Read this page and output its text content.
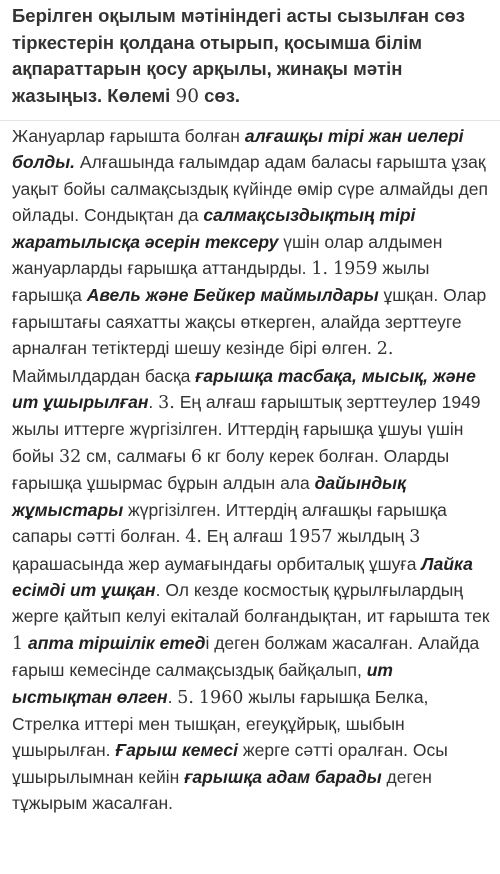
Берілген оқылым мәтініндегі асты сызылған сөз тіркестерін қолдана отырып, қосымша білім ақпараттарын қосу арқылы, жинақы мәтін жазыңыз. Көлемі 90 сөз.
Жануарлар ғарышта болған алғашқы тірі жан иелері болды. Алғашында ғалымдар адам баласы ғарышта ұзақ уақыт бойы салмақсыздық күйінде өмір сүре алмайды деп ойлады. Сондықтан да салмақсыздықтың тірі жаратылысқа әсерін тексеру үшін олар алдымен жануарларды ғарышқа аттандырды. 1. 1959 жылы ғарышқа Авель және Бейкер маймылдары ұшқан. Олар ғарыштағы саяхатты жақсы өткерген, алайда зерттеуге арналған тетіктерді шешу кезінде бірі өлген. 2. Маймылдардан басқа ғарышқа тасбақа, мысық, және ит ұшырылған. 3. Ең алғаш ғарыштық зерттеулер 1949 жылы иттерге жүргізілген. Иттердің ғарышқа ұшуы үшін бойы 32 см, салмағы 6 кг болу керек болған. Оларды ғарышқа ұшырмас бұрын алдын ала дайындық жұмыстары жүргізілген. Иттердің алғашқы ғарышқа сапары сәтті болған. 4. Ең алғаш 1957 жылдың 3 қарашасында жер аумағындағы орбиталық ұшуға Лайка есімді ит ұшқан. Ол кезде космостық құрылғылардың жерге қайтып келуі екіталай болғандықтан, ит ғарышта тек 1 апта тіршілік етеді деген болжам жасалған. Алайда ғарыш кемесінде салмақсыздық байқалып, ит ыстықтан өлген. 5. 1960 жылы ғарышқа Белка, Стрелка иттері мен тышқан, егеуқұйрық, шыбын ұшырылған. Ғарыш кемесі жерге сәтті оралған. Осы ұшырылымнан кейін ғарышқа адам барады деген тұжырым жасалған.
